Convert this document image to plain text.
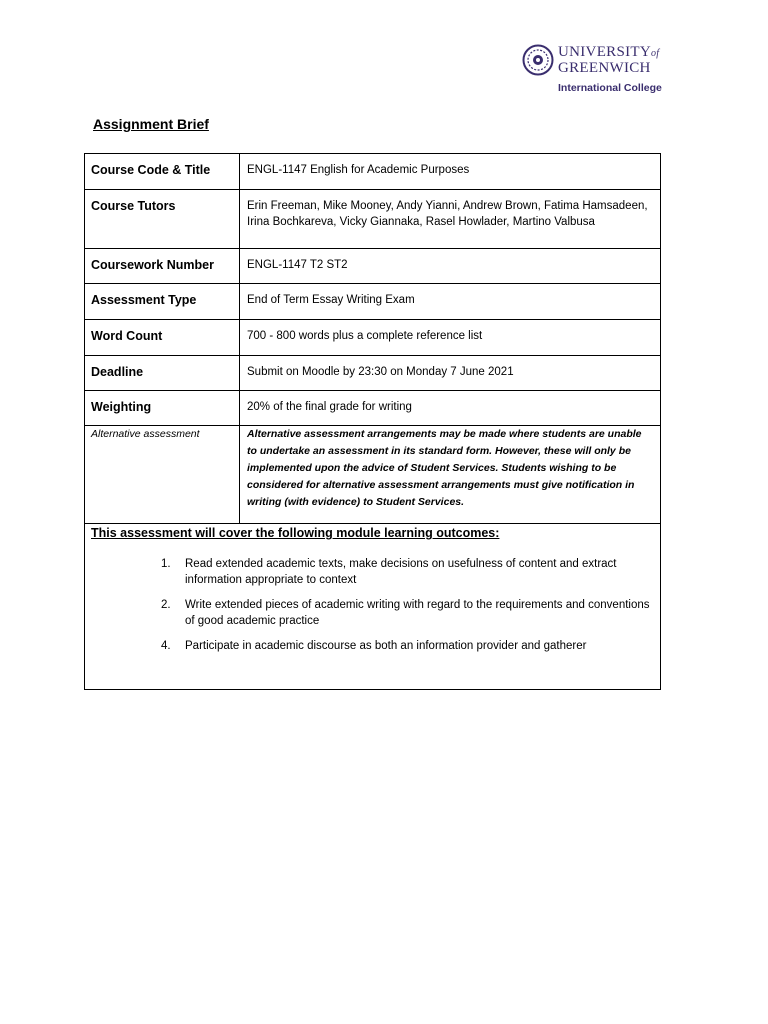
UNIVERSITYof
GREENWICH
International College
Assignment Brief
Course Code & Title	ENGL-1147 English for Academic Purposes
Course Tutors	Erin Freeman, Mike Mooney, Andy Yianni, Andrew Brown, Fatima Hamsadeen, Irina Bochkareva, Vicky Giannaka, Rasel Howlader, Martino Valbusa
Coursework Number	ENGL-1147 T2 ST2
Assessment Type	End of Term Essay Writing Exam
Word Count	700 - 800 words plus a complete reference list
Deadline	Submit on Moodle by 23:30 on Monday 7 June 2021
Weighting	20% of the final grade for writing
Alternative assessment	Alternative assessment arrangements may be made where students are unable to undertake an assessment in its standard form. However, these will only be implemented upon the advice of Student Services. Students wishing to be considered for alternative assessment arrangements must give notification in writing (with evidence) to Student Services.
This assessment will cover the following module learning outcomes:
1. Read extended academic texts, make decisions on usefulness of content and extract information appropriate to context
2. Write extended pieces of academic writing with regard to the requirements and conventions of good academic practice
4. Participate in academic discourse as both an information provider and gatherer
